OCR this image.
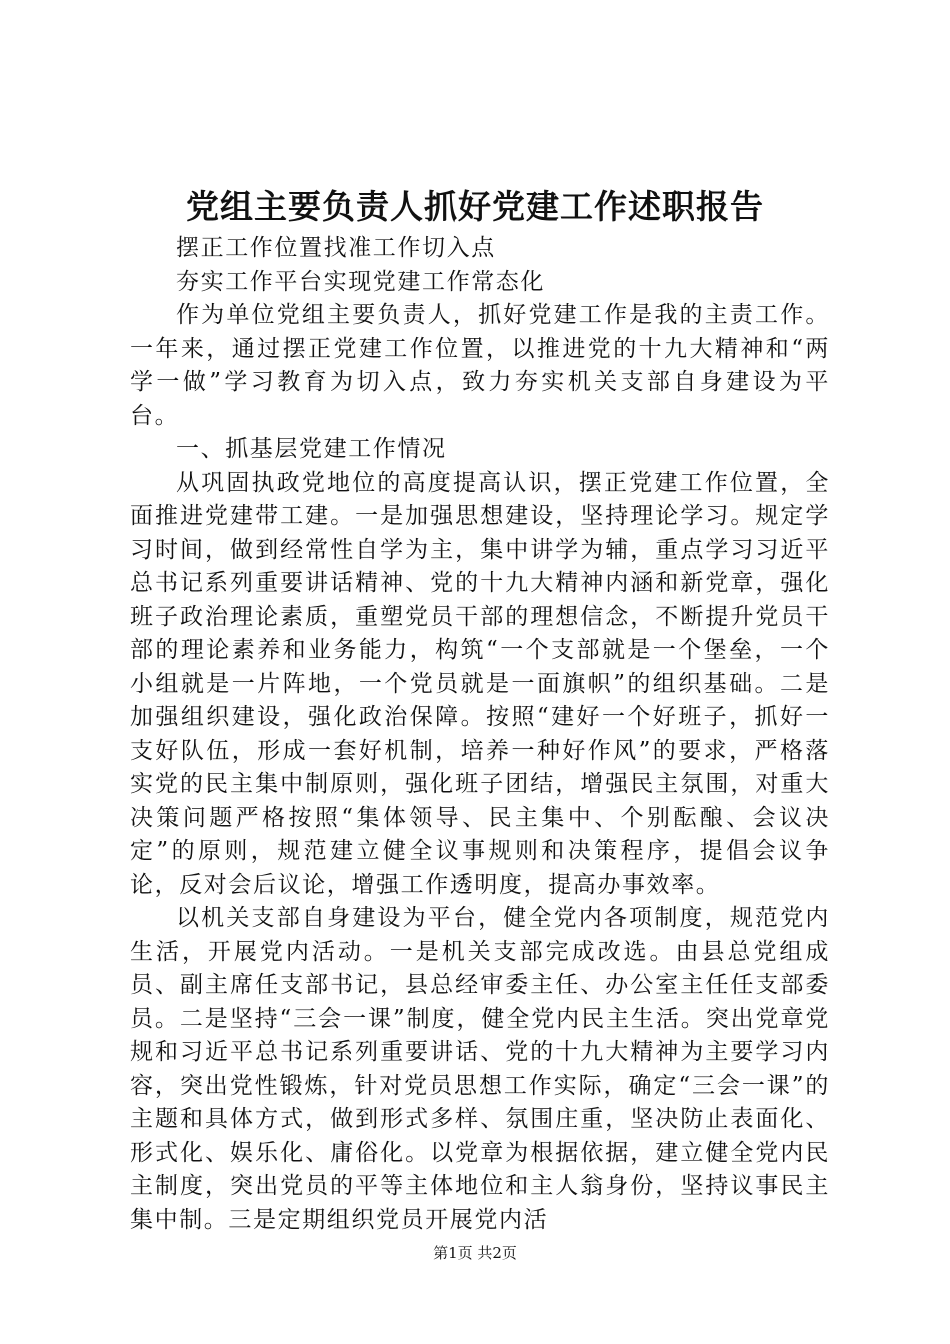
党组主要负责人抓好党建工作述职报告

摆正工作位置找准工作切入点

夯实工作平台实现党建工作常态化

作为单位党组主要负责人，抓好党建工作是我的主责工作。一年来，通过摆正党建工作位置，以推进党的十九大精神和“两学一做”学习教育为切入点，致力夯实机关支部自身建设为平台。

一、抓基层党建工作情况

从巩固执政党地位的高度提高认识，摆正党建工作位置，全面推进党建带工建。一是加强思想建设，坚持理论学习。规定学习时间，做到经常性自学为主，集中讲学为辅，重点学习习近平总书记系列重要讲话精神、党的十九大精神内涵和新党章，强化班子政治理论素质，重塑党员干部的理想信念，不断提升党员干部的理论素养和业务能力，构筑“一个支部就是一个堡垒，一个小组就是一片阵地，一个党员就是一面旗帜”的组织基础。二是加强组织建设，强化政治保障。按照“建好一个好班子，抓好一支好队伍，形成一套好机制，培养一种好作风”的要求，严格落实党的民主集中制原则，强化班子团结，增强民主氛围，对重大决策问题严格按照“集体领导、民主集中、个别酝酿、会议决定”的原则，规范建立健全议事规则和决策程序，提倡会议争论，反对会后议论，增强工作透明度，提高办事效率。

以机关支部自身建设为平台，健全党内各项制度，规范党内生活，开展党内活动。一是机关支部完成改选。由县总党组成员、副主席任支部书记，县总经审委主任、办公室主任任支部委员。二是坚持“三会一课”制度，健全党内民主生活。突出党章党规和习近平总书记系列重要讲话、党的十九大精神为主要学习内容，突出党性锻炼，针对党员思想工作实际，确定“三会一课”的主题和具体方式，做到形式多样、氛围庄重，坚决防止表面化、形式化、娱乐化、庸俗化。以党章为根据依据，建立健全党内民主制度，突出党员的平等主体地位和主人翁身份，坚持议事民主集中制。三是定期组织党员开展党内活

第1页 共2页
